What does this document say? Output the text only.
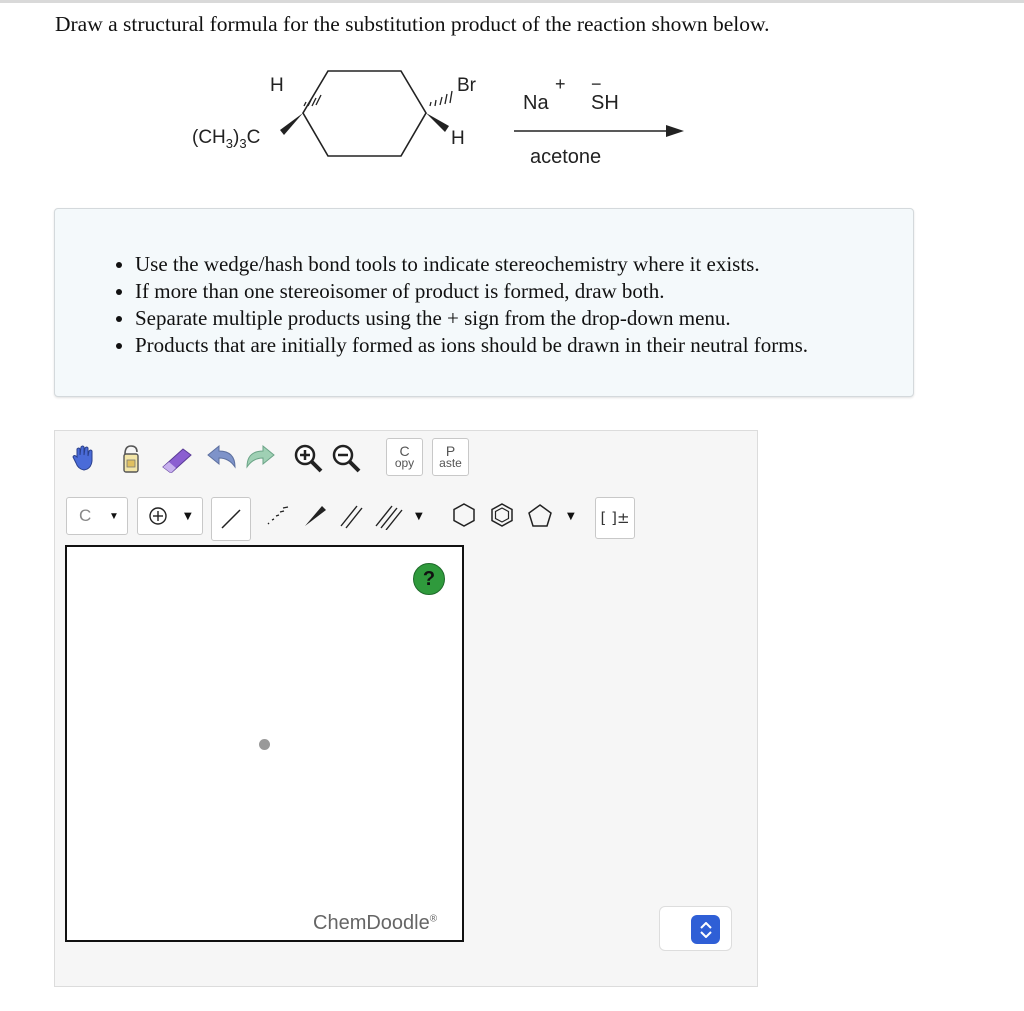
Draw a structural formula for the substitution product of the reaction shown below.
H
$(CH_3)_3C$
Br
H
Na
+ −
SH
acetone
• Use the wedge/hash bond tools to indicate stereochemistry where it exists.
• If more than one stereoisomer of product is formed, draw both.
• Separate multiple products using the + sign from the drop-down menu.
• Products that are initially formed as ions should be drawn in their neutral forms.
C
opy
P
aste
C ▼	▼	▼	▼	[ ]±
?
ChemDoodle®
